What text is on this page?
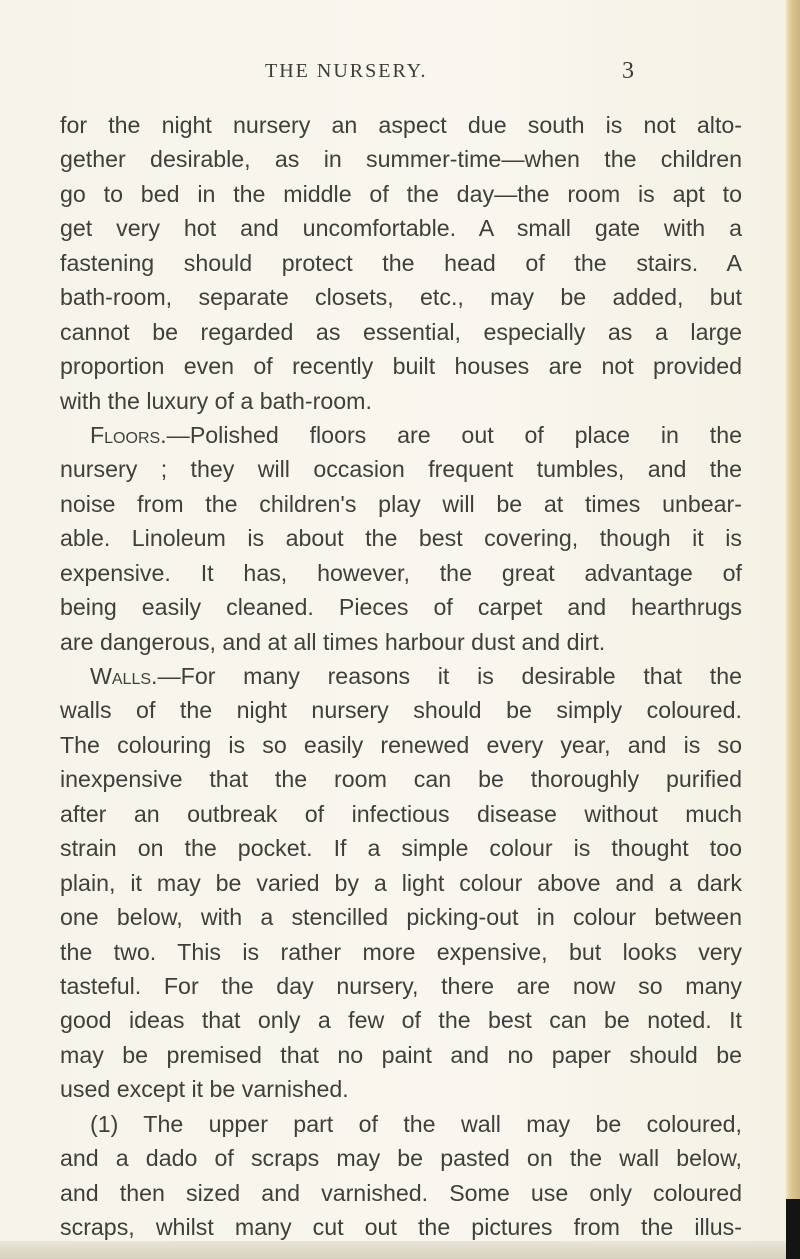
THE NURSERY.	3
for the night nursery an aspect due south is not alto-
gether desirable, as in summer-time—when the children
go to bed in the middle of the day—the room is apt to
get very hot and uncomfortable. A small gate with a
fastening should protect the head of the stairs. A
bath-room, separate closets, etc., may be added, but
cannot be regarded as essential, especially as a large
proportion even of recently built houses are not provided
with the luxury of a bath-room.
Floors.—Polished floors are out of place in the
nursery ; they will occasion frequent tumbles, and the
noise from the children's play will be at times unbear-
able. Linoleum is about the best covering, though it is
expensive. It has, however, the great advantage of
being easily cleaned. Pieces of carpet and hearthrugs
are dangerous, and at all times harbour dust and dirt.
Walls.—For many reasons it is desirable that the
walls of the night nursery should be simply coloured.
The colouring is so easily renewed every year, and is so
inexpensive that the room can be thoroughly purified
after an outbreak of infectious disease without much
strain on the pocket. If a simple colour is thought too
plain, it may be varied by a light colour above and a dark
one below, with a stencilled picking-out in colour between
the two. This is rather more expensive, but looks very
tasteful. For the day nursery, there are now so many
good ideas that only a few of the best can be noted. It
may be premised that no paint and no paper should be
used except it be varnished.
(1) The upper part of the wall may be coloured,
and a dado of scraps may be pasted on the wall below,
and then sized and varnished. Some use only coloured
scraps, whilst many cut out the pictures from the illus-
